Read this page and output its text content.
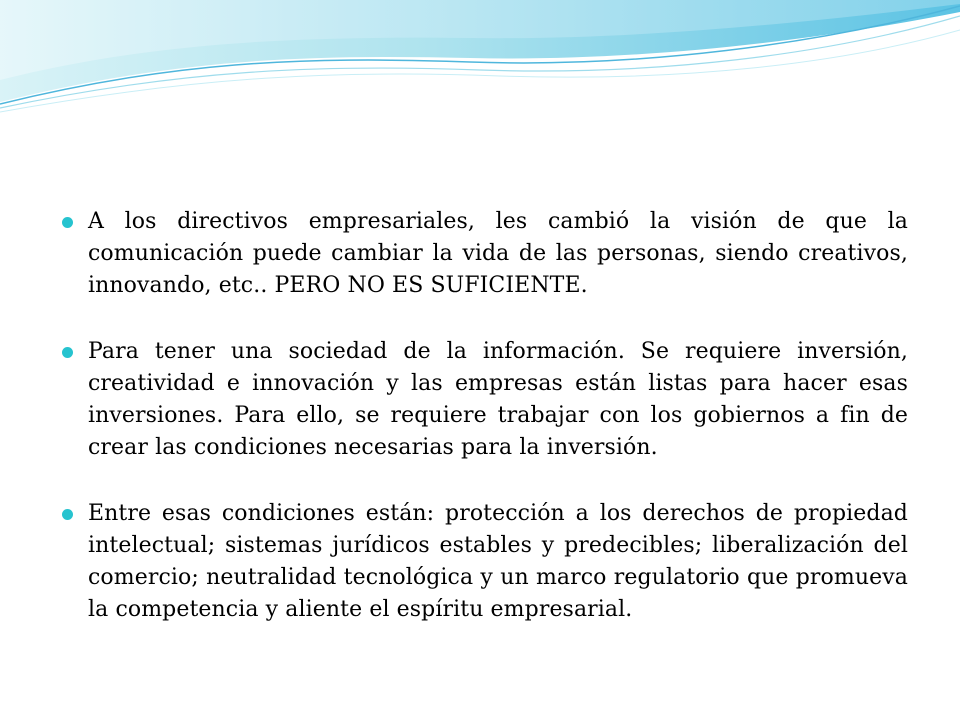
A los directivos empresariales, les cambió la visión de que la comunicación puede cambiar la vida de las personas, siendo creativos, innovando, etc.. PERO NO ES SUFICIENTE.
Para tener una sociedad de la información. Se requiere inversión, creatividad e innovación y las empresas están listas para hacer esas inversiones. Para ello, se requiere trabajar con los gobiernos a fin de crear las condiciones necesarias para la inversión.
Entre esas condiciones están: protección a los derechos de propiedad intelectual; sistemas jurídicos estables y predecibles; liberalización del comercio; neutralidad tecnológica y un marco regulatorio que promueva la competencia y aliente el espíritu empresarial.
